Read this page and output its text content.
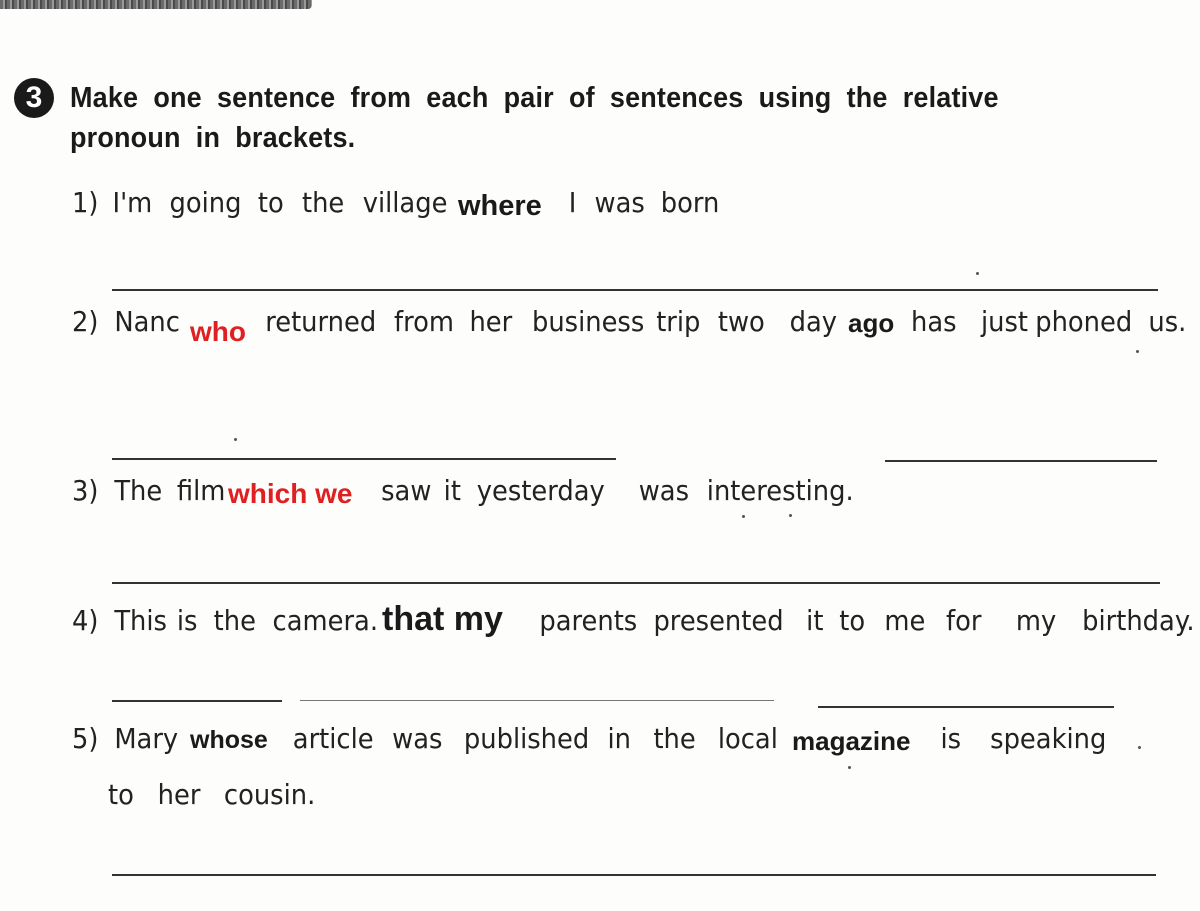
3 Make one sentence from each pair of sentences using the relative pronoun in brackets.
1) I'm going to the village	I was born
where
2) Nanc	returned from her business trip two day	has just phoned us.
who	ago
3) The film	saw it yesterday was interesting.
which we
4) This is the camera.	parents presented it to me for my birthday.
that my
5) Mary	article was published in the local	is speaking
to her cousin.
whose	magazine
